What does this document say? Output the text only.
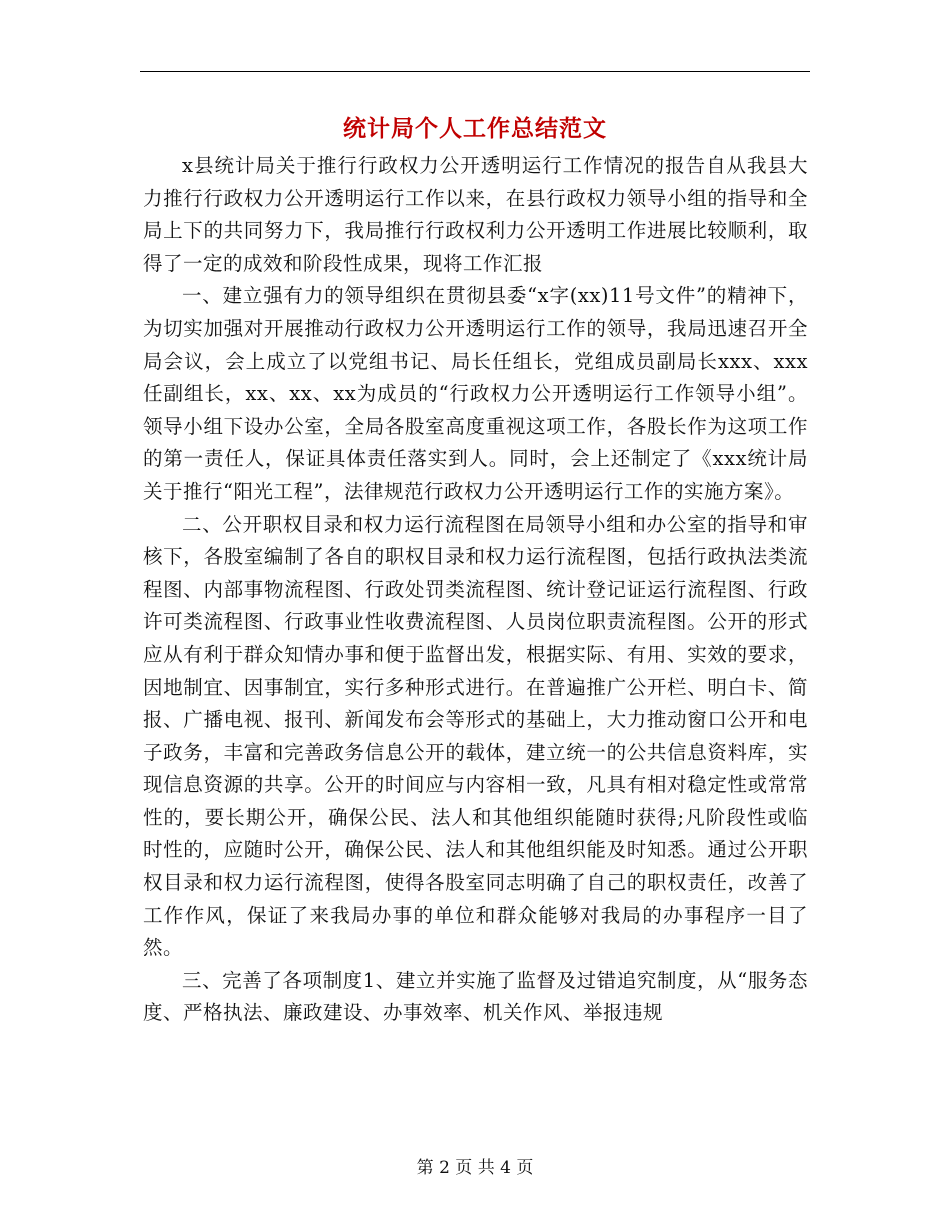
统计局个人工作总结范文

x县统计局关于推行行政权力公开透明运行工作情况的报告自从我县大力推行行政权力公开透明运行工作以来，在县行政权力领导小组的指导和全局上下的共同努力下，我局推行行政权利力公开透明工作进展比较顺利，取得了一定的成效和阶段性成果，现将工作汇报

一、建立强有力的领导组织在贯彻县委“x字(xx)11号文件”的精神下，为切实加强对开展推动行政权力公开透明运行工作的领导，我局迅速召开全局会议，会上成立了以党组书记、局长任组长，党组成员副局长xxx、xxx任副组长，xx、xx、xx为成员的“行政权力公开透明运行工作领导小组”。领导小组下设办公室，全局各股室高度重视这项工作，各股长作为这项工作的第一责任人，保证具体责任落实到人。同时，会上还制定了《xxx统计局关于推行“阳光工程”，法律规范行政权力公开透明运行工作的实施方案》。

二、公开职权目录和权力运行流程图在局领导小组和办公室的指导和审核下，各股室编制了各自的职权目录和权力运行流程图，包括行政执法类流程图、内部事物流程图、行政处罚类流程图、统计登记证运行流程图、行政许可类流程图、行政事业性收费流程图、人员岗位职责流程图。公开的形式应从有利于群众知情办事和便于监督出发，根据实际、有用、实效的要求，因地制宜、因事制宜，实行多种形式进行。在普遍推广公开栏、明白卡、简报、广播电视、报刊、新闻发布会等形式的基础上，大力推动窗口公开和电子政务，丰富和完善政务信息公开的载体，建立统一的公共信息资料库，实现信息资源的共享。公开的时间应与内容相一致，凡具有相对稳定性或常常性的，要长期公开，确保公民、法人和其他组织能随时获得;凡阶段性或临时性的，应随时公开，确保公民、法人和其他组织能及时知悉。通过公开职权目录和权力运行流程图，使得各股室同志明确了自己的职权责任，改善了工作作风，保证了来我局办事的单位和群众能够对我局的办事程序一目了然。

三、完善了各项制度1、建立并实施了监督及过错追究制度，从“服务态度、严格执法、廉政建设、办事效率、机关作风、举报违规

第 2 页 共 4 页
